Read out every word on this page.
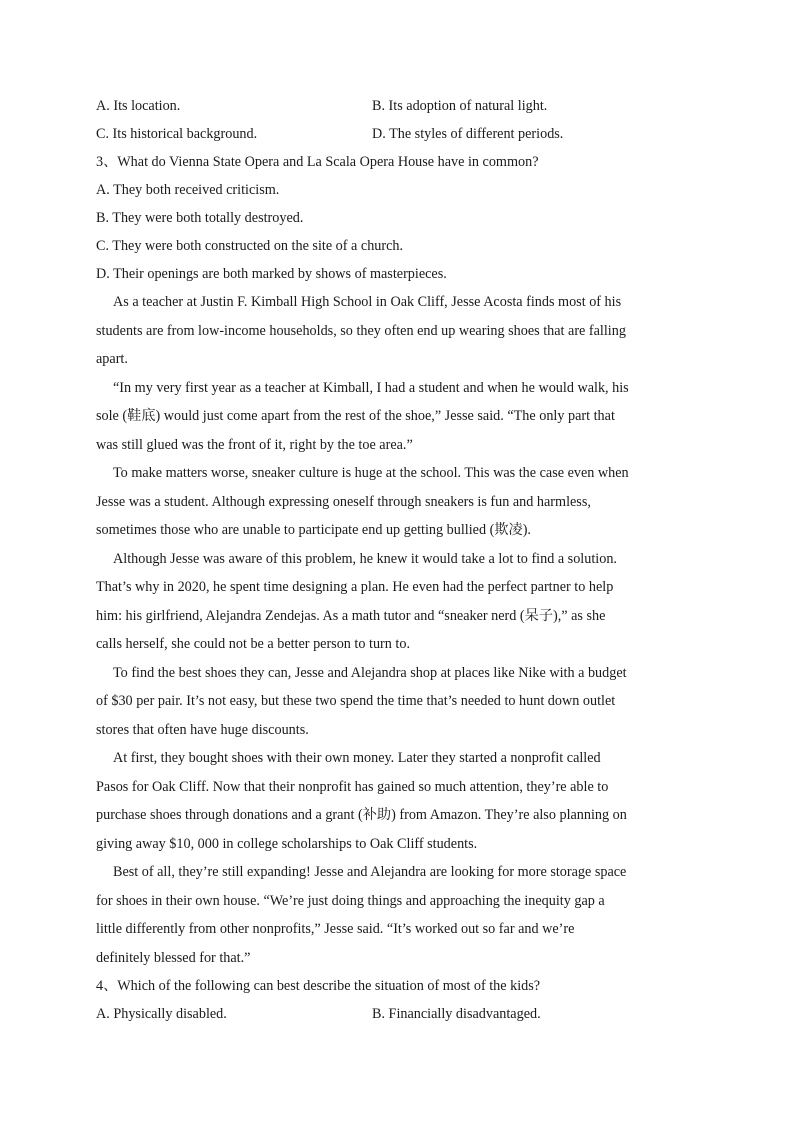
A. Its location.	B. Its adoption of natural light.
C. Its historical background.	D. The styles of different periods.
3、What do Vienna State Opera and La Scala Opera House have in common?
A. They both received criticism.
B. They were both totally destroyed.
C. They were both constructed on the site of a church.
D. Their openings are both marked by shows of masterpieces.
As a teacher at Justin F. Kimball High School in Oak Cliff, Jesse Acosta finds most of his
students are from low-income households, so they often end up wearing shoes that are falling
apart.
“In my very first year as a teacher at Kimball, I had a student and when he would walk, his
sole (鞋底) would just come apart from the rest of the shoe,” Jesse said. “The only part that
was still glued was the front of it, right by the toe area.”
To make matters worse, sneaker culture is huge at the school. This was the case even when
Jesse was a student. Although expressing oneself through sneakers is fun and harmless,
sometimes those who are unable to participate end up getting bullied (欺凌).
Although Jesse was aware of this problem, he knew it would take a lot to find a solution.
That’s why in 2020, he spent time designing a plan. He even had the perfect partner to help
him: his girlfriend, Alejandra Zendejas. As a math tutor and “sneaker nerd (呆子),” as she
calls herself, she could not be a better person to turn to.
To find the best shoes they can, Jesse and Alejandra shop at places like Nike with a budget
of $30 per pair. It’s not easy, but these two spend the time that’s needed to hunt down outlet
stores that often have huge discounts.
At first, they bought shoes with their own money. Later they started a nonprofit called
Pasos for Oak Cliff. Now that their nonprofit has gained so much attention, they’re able to
purchase shoes through donations and a grant (补助) from Amazon. They’re also planning on
giving away $10, 000 in college scholarships to Oak Cliff students.
Best of all, they’re still expanding! Jesse and Alejandra are looking for more storage space
for shoes in their own house. “We’re just doing things and approaching the inequity gap a
little differently from other nonprofits,” Jesse said. “It’s worked out so far and we’re
definitely blessed for that.”
4、Which of the following can best describe the situation of most of the kids?
A. Physically disabled.	B. Financially disadvantaged.
